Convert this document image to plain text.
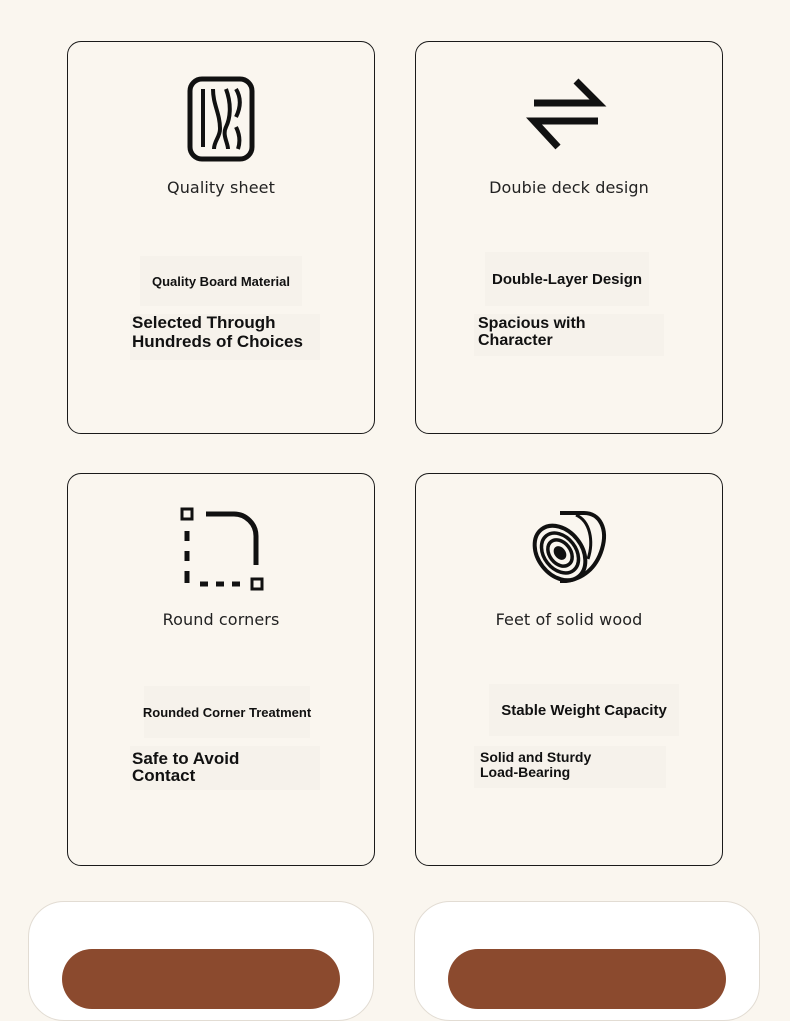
Quality sheet
Quality Board Material
Selected Through Hundreds of Choices
Doubie deck design
Double-Layer Design
Spacious with Character
Round corners
Rounded Corner Treatment
Safe to Avoid Contact
Feet of solid wood
Stable Weight Capacity
Solid and Sturdy Load-Bearing
